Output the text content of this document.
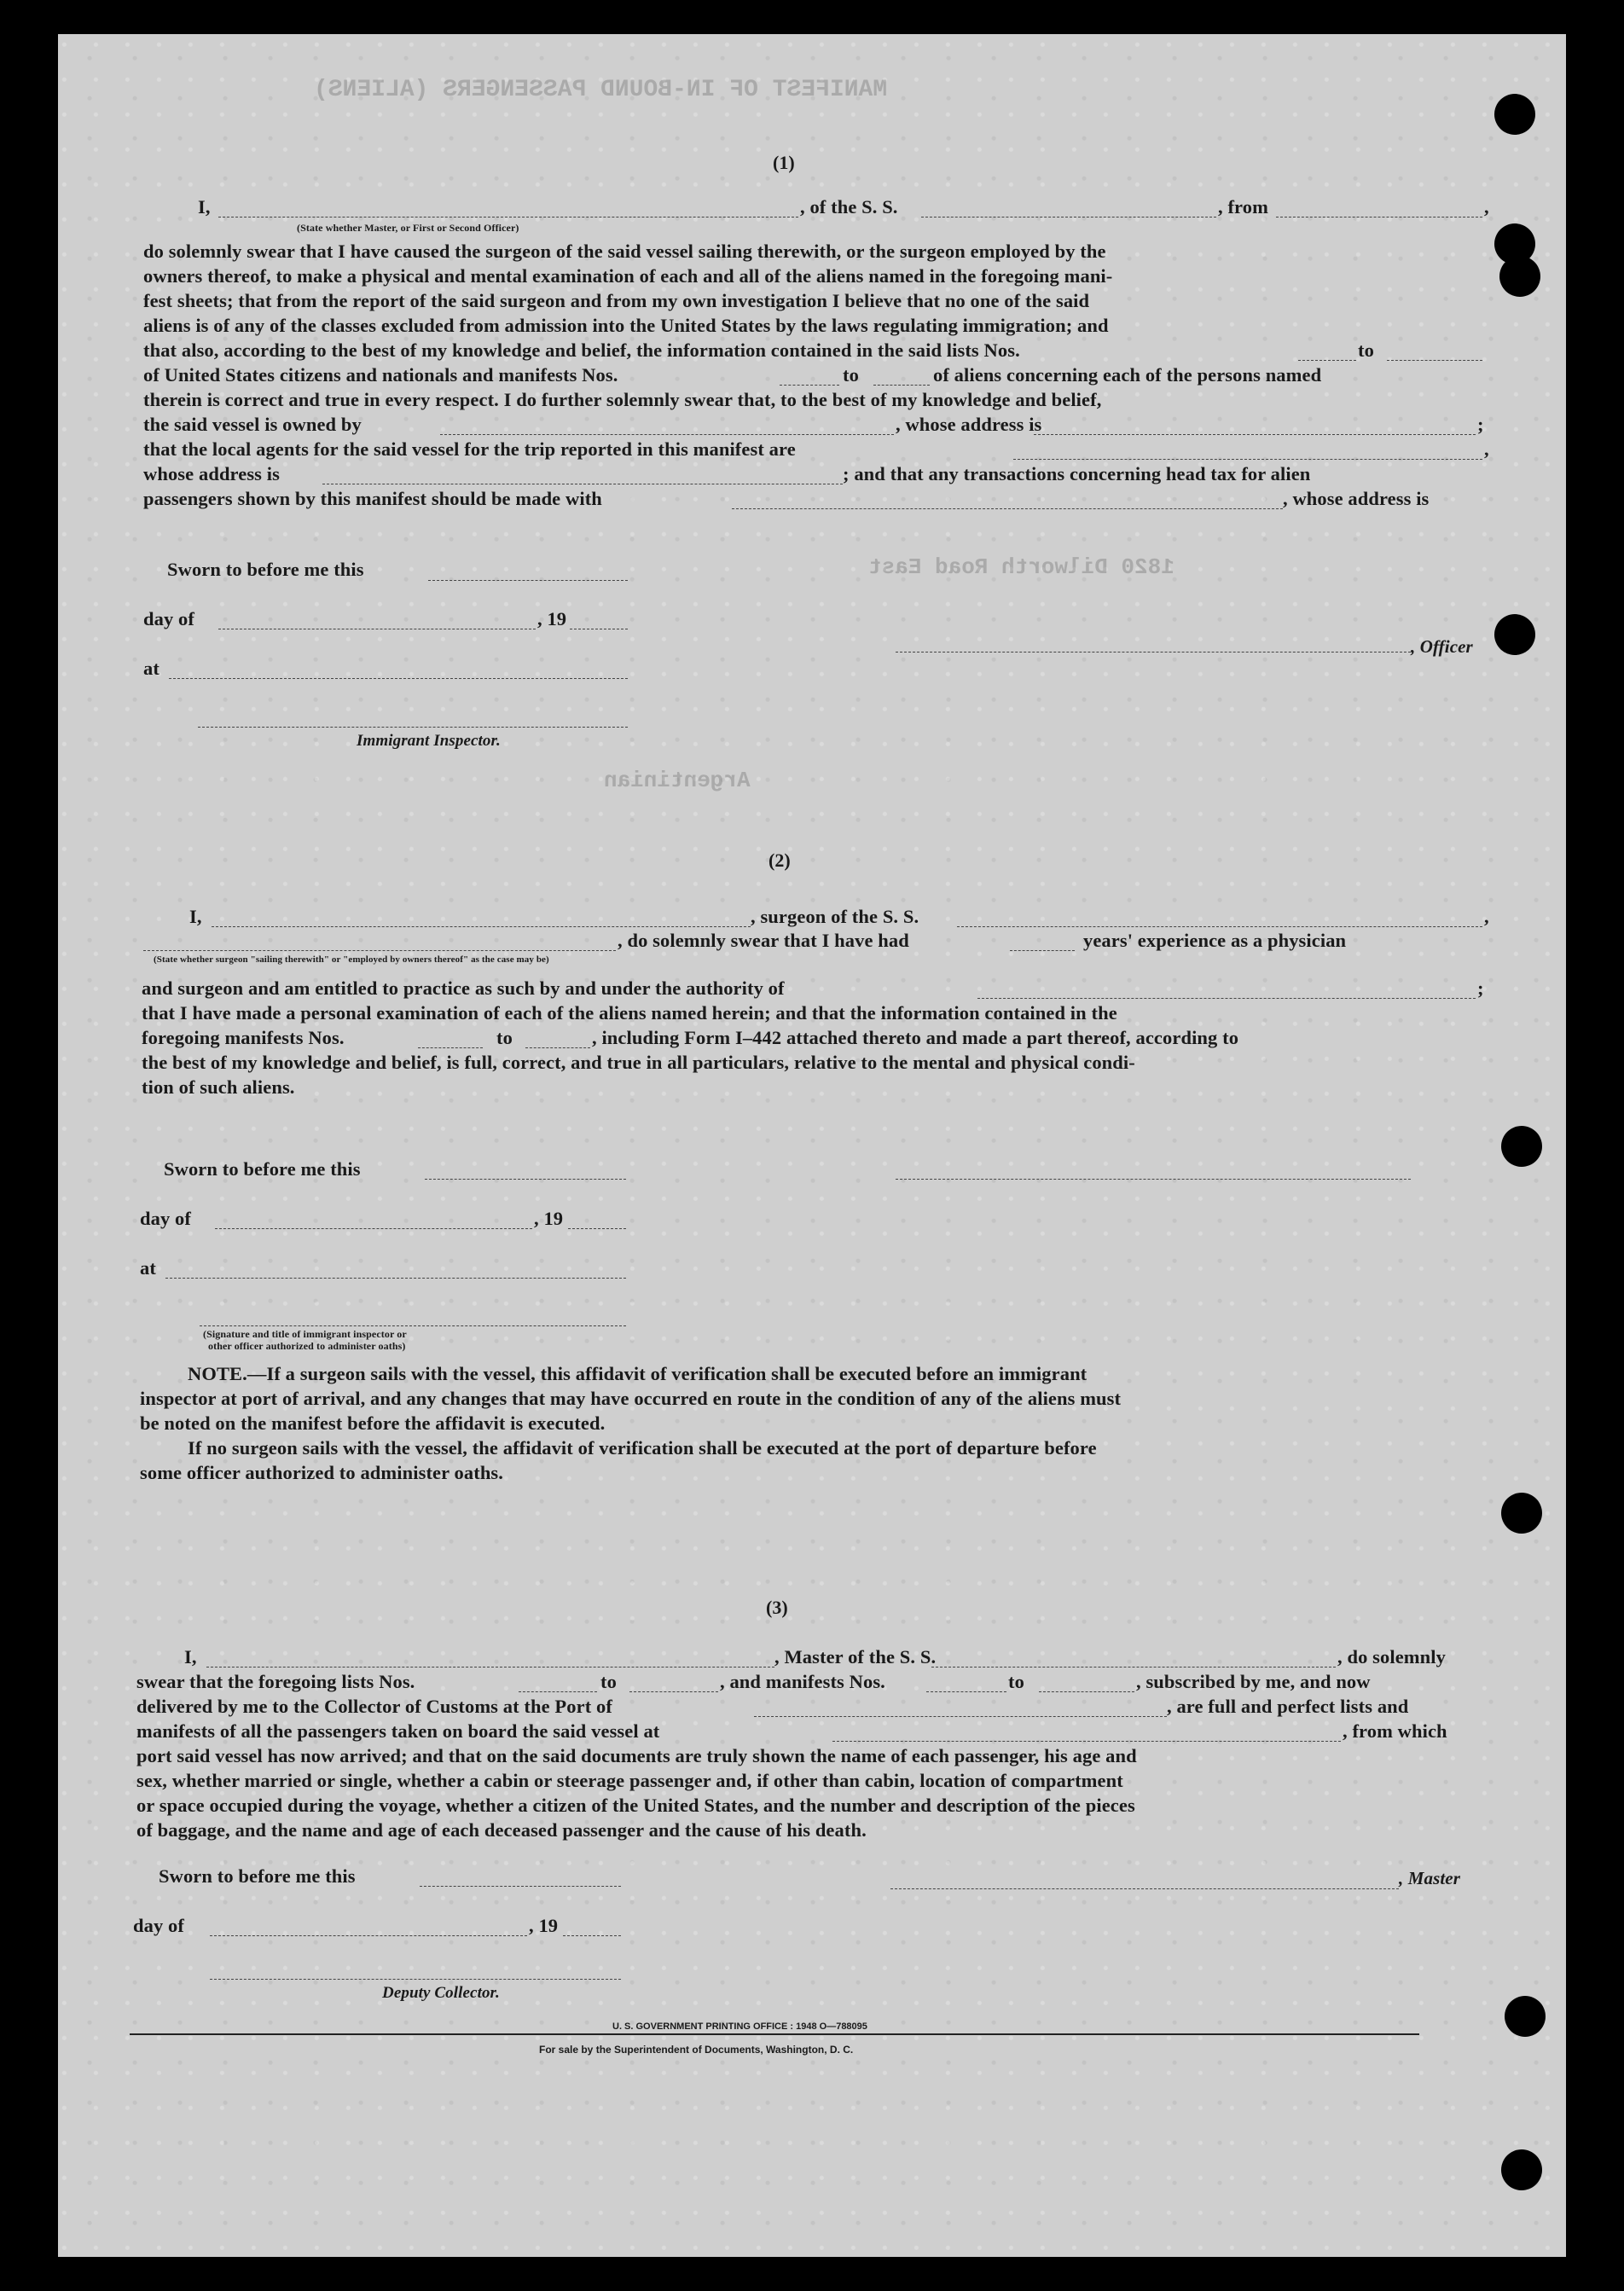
MANIFEST OF IN-BOUND PASSENGERS (ALIENS)
1820 Dilworth Road East
Argentinian
(1)
I,	, of the S. S.	, from	,
(State whether Master, or First or Second Officer)
do solemnly swear that I have caused the surgeon of the said vessel sailing therewith, or the surgeon employed by the
owners thereof, to make a physical and mental examination of each and all of the aliens named in the foregoing mani-
fest sheets; that from the report of the said surgeon and from my own investigation I believe that no one of the said
aliens is of any of the classes excluded from admission into the United States by the laws regulating immigration; and
that also, according to the best of my knowledge and belief, the information contained in the said lists Nos.	to
of United States citizens and nationals and manifests Nos.	to	of aliens concerning each of the persons named
therein is correct and true in every respect. I do further solemnly swear that, to the best of my knowledge and belief,
the said vessel is owned by	, whose address is	;
that the local agents for the said vessel for the trip reported in this manifest are	,
whose address is	; and that any transactions concerning head tax for alien
passengers shown by this manifest should be made with	, whose address is
Sworn to before me this
day of	, 19
at
Immigrant Inspector.
, Officer
(2)
I,	, surgeon of the S. S.	,
, do solemnly swear that I have had	years' experience as a physician
(State whether surgeon "sailing therewith" or "employed by owners thereof" as the case may be)
and surgeon and am entitled to practice as such by and under the authority of	;
that I have made a personal examination of each of the aliens named herein; and that the information contained in the
foregoing manifests Nos.	to	, including Form I–442 attached thereto and made a part thereof, according to
the best of my knowledge and belief, is full, correct, and true in all particulars, relative to the mental and physical condi-
tion of such aliens.
Sworn to before me this
day of	, 19
at
(Signature and title of immigrant inspector or
other officer authorized to administer oaths)
NOTE.—If a surgeon sails with the vessel, this affidavit of verification shall be executed before an immigrant
inspector at port of arrival, and any changes that may have occurred en route in the condition of any of the aliens must
be noted on the manifest before the affidavit is executed.
If no surgeon sails with the vessel, the affidavit of verification shall be executed at the port of departure before
some officer authorized to administer oaths.
(3)
I,	, Master of the S. S.	, do solemnly
swear that the foregoing lists Nos.	to	, and manifests Nos.	to	, subscribed by me, and now
delivered by me to the Collector of Customs at the Port of	, are full and perfect lists and
manifests of all the passengers taken on board the said vessel at	, from which
port said vessel has now arrived; and that on the said documents are truly shown the name of each passenger, his age and
sex, whether married or single, whether a cabin or steerage passenger and, if other than cabin, location of compartment
or space occupied during the voyage, whether a citizen of the United States, and the number and description of the pieces
of baggage, and the name and age of each deceased passenger and the cause of his death.
Sworn to before me this	, Master
day of	, 19
Deputy Collector.
U. S. GOVERNMENT PRINTING OFFICE : 1948 O—788095
For sale by the Superintendent of Documents, Washington, D. C.
